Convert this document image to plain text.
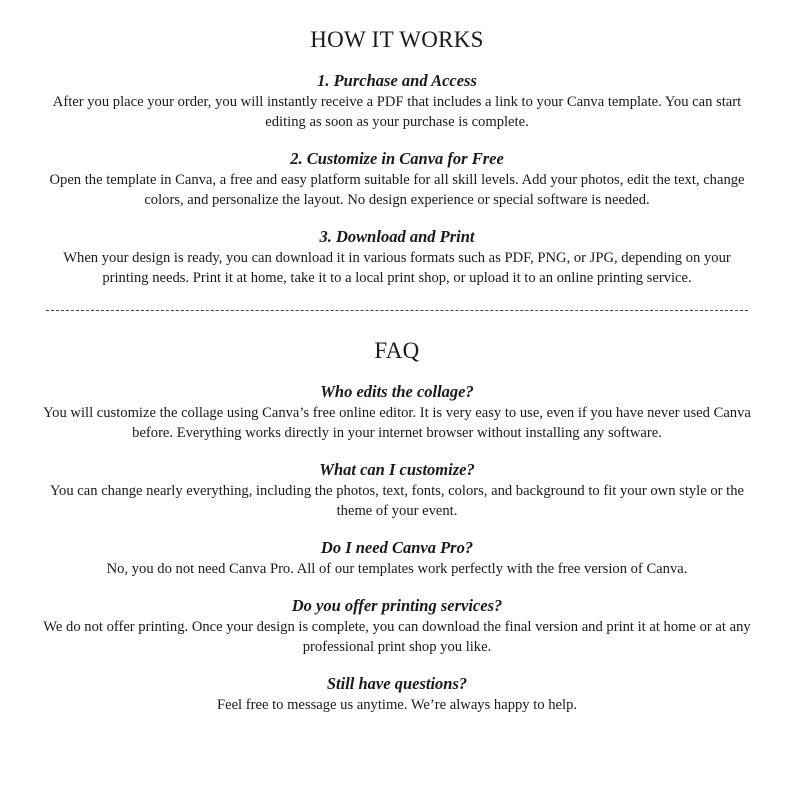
HOW IT WORKS

1. Purchase and Access

After you place your order, you will instantly receive a PDF that includes a link to your Canva template. You can start editing as soon as your purchase is complete.

2. Customize in Canva for Free

Open the template in Canva, a free and easy platform suitable for all skill levels. Add your photos, edit the text, change colors, and personalize the layout. No design experience or special software is needed.

3. Download and Print

When your design is ready, you can download it in various formats such as PDF, PNG, or JPG, depending on your printing needs. Print it at home, take it to a local print shop, or upload it to an online printing service.

FAQ

Who edits the collage?

You will customize the collage using Canva’s free online editor. It is very easy to use, even if you have never used Canva before. Everything works directly in your internet browser without installing any software.

What can I customize?

You can change nearly everything, including the photos, text, fonts, colors, and background to fit your own style or the theme of your event.

Do I need Canva Pro?

No, you do not need Canva Pro. All of our templates work perfectly with the free version of Canva.

Do you offer printing services?

We do not offer printing. Once your design is complete, you can download the final version and print it at home or at any professional print shop you like.

Still have questions?

Feel free to message us anytime. We’re always happy to help.
